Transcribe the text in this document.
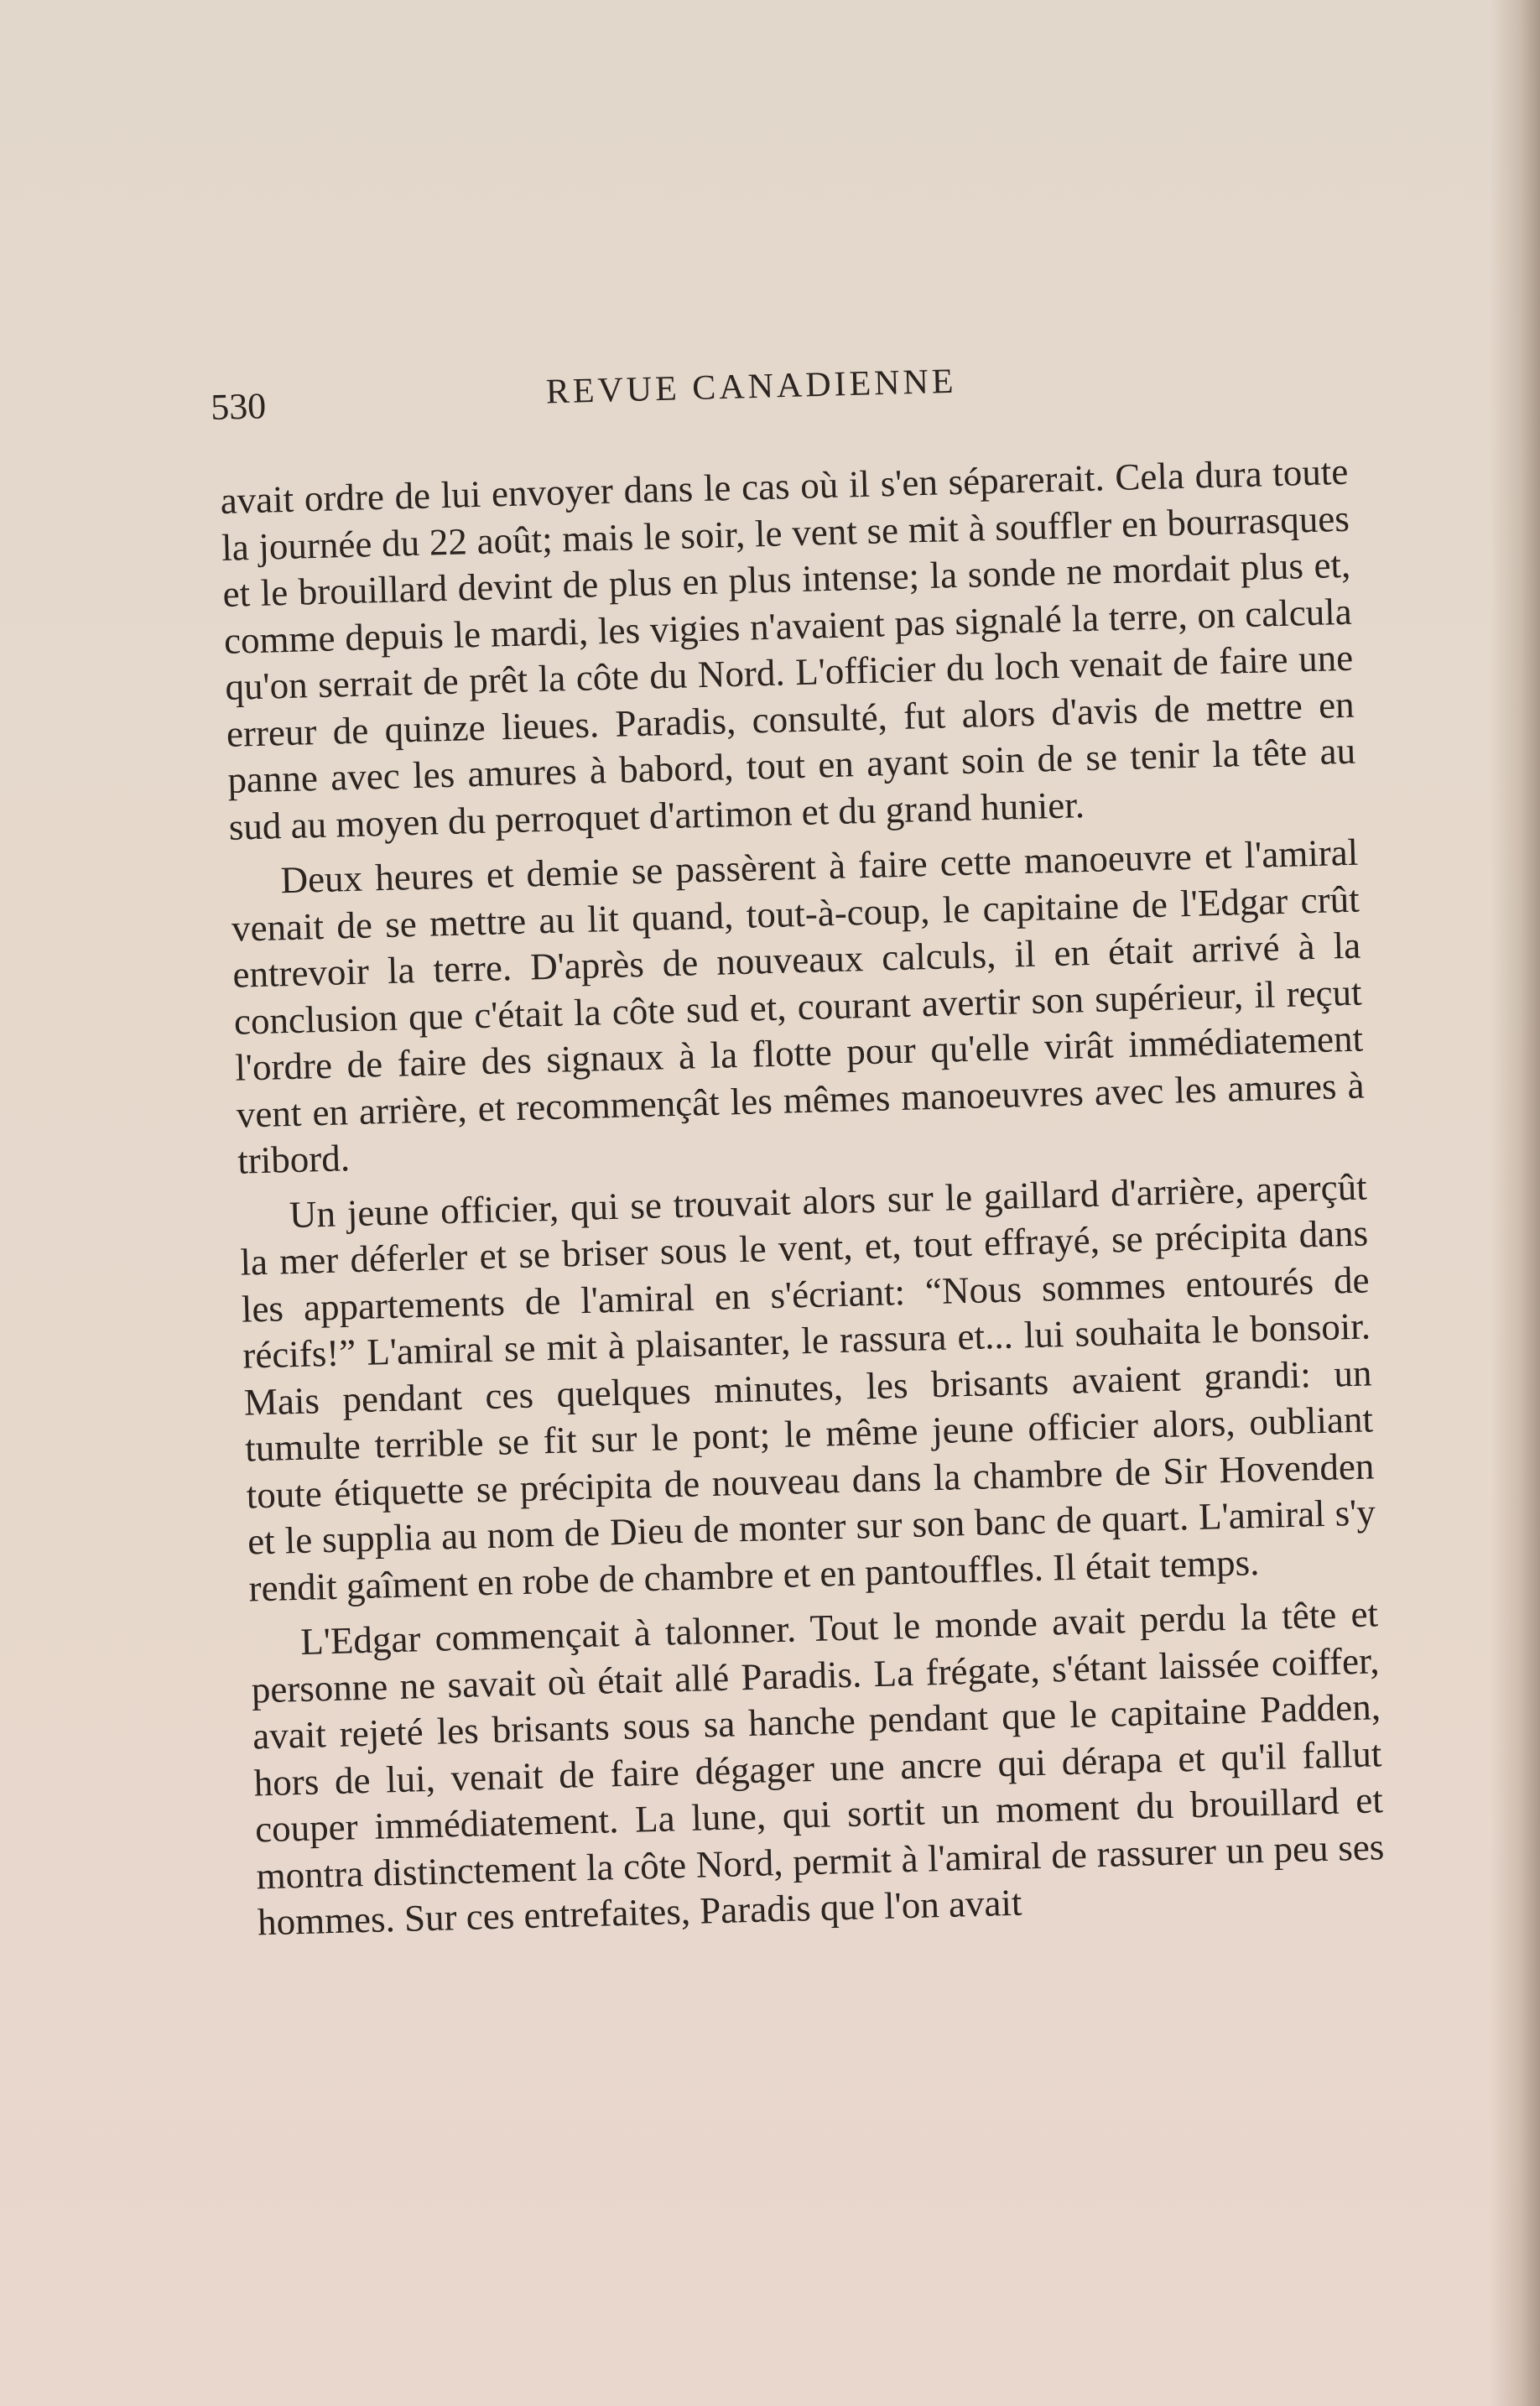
530	REVUE CANADIENNE

avait ordre de lui envoyer dans le cas où il s'en séparerait. Cela dura toute la journée du 22 août; mais le soir, le vent se mit à souffler en bourrasques et le brouillard devint de plus en plus intense; la sonde ne mordait plus et, comme depuis le mardi, les vigies n'avaient pas signalé la terre, on calcula qu'on serrait de prêt la côte du Nord. L'officier du loch venait de faire une erreur de quinze lieues. Paradis, consulté, fut alors d'avis de mettre en panne avec les amures à babord, tout en ayant soin de se tenir la tête au sud au moyen du perroquet d'artimon et du grand hunier.

Deux heures et demie se passèrent à faire cette manoeuvre et l'amiral venait de se mettre au lit quand, tout-à-coup, le capitaine de l'Edgar crût entrevoir la terre. D'après de nouveaux calculs, il en était arrivé à la conclusion que c'était la côte sud et, courant avertir son supérieur, il reçut l'ordre de faire des signaux à la flotte pour qu'elle virât immédiatement vent en arrière, et recommençât les mêmes manoeuvres avec les amures à tribord.

Un jeune officier, qui se trouvait alors sur le gaillard d'arrière, aperçût la mer déferler et se briser sous le vent, et, tout effrayé, se précipita dans les appartements de l'amiral en s'écriant: “Nous sommes entourés de récifs!” L'amiral se mit à plaisanter, le rassura et... lui souhaita le bonsoir. Mais pendant ces quelques minutes, les brisants avaient grandi: un tumulte terrible se fit sur le pont; le même jeune officier alors, oubliant toute étiquette se précipita de nouveau dans la chambre de Sir Hovenden et le supplia au nom de Dieu de monter sur son banc de quart. L'amiral s'y rendit gaîment en robe de chambre et en pantouffles. Il était temps.

L'Edgar commençait à talonner. Tout le monde avait perdu la tête et personne ne savait où était allé Paradis. La frégate, s'étant laissée coiffer, avait rejeté les brisants sous sa hanche pendant que le capitaine Padden, hors de lui, venait de faire dégager une ancre qui dérapa et qu'il fallut couper immédiatement. La lune, qui sortit un moment du brouillard et montra distinctement la côte Nord, permit à l'amiral de rassurer un peu ses hommes. Sur ces entrefaites, Paradis que l'on avait
